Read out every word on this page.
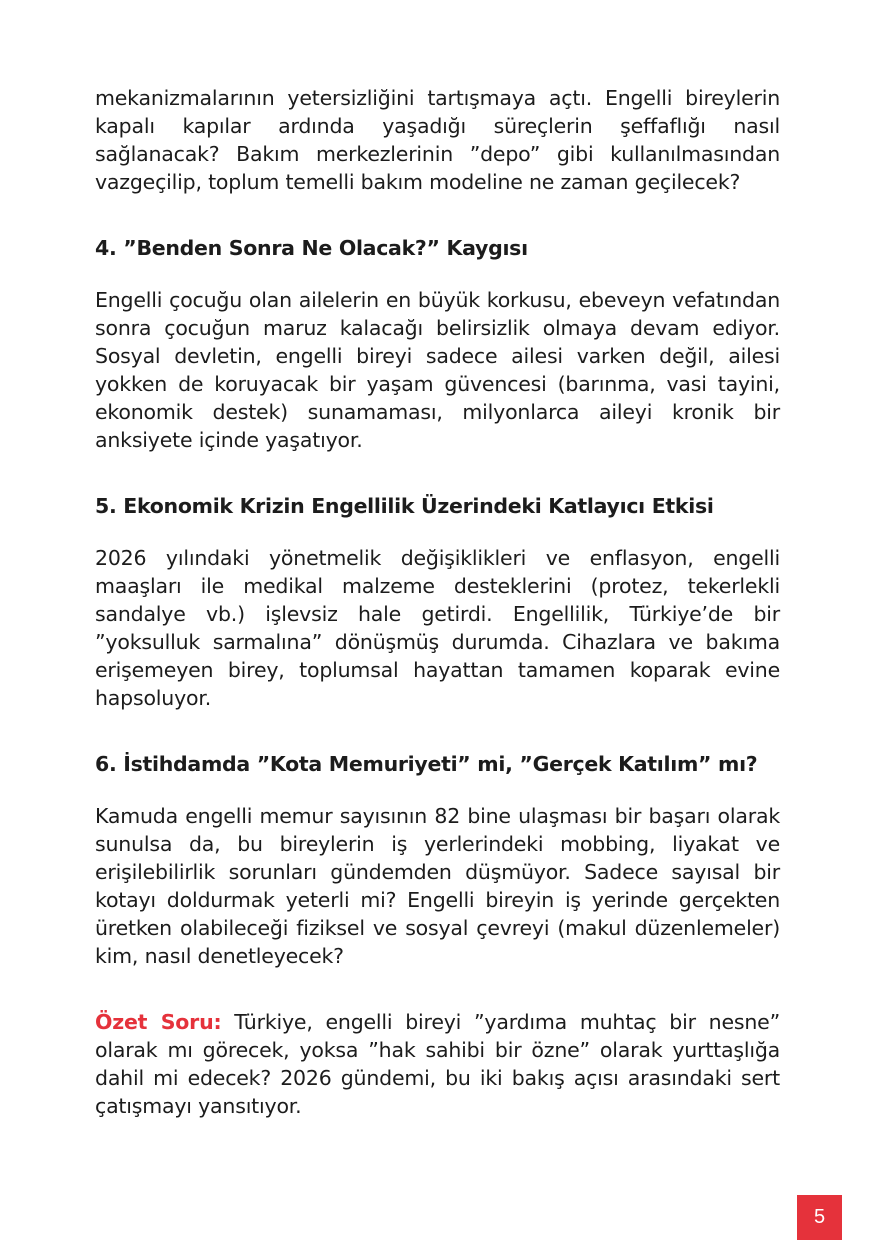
mekanizmalarının yetersizliğini tartışmaya açtı. Engelli bireylerin kapalı kapılar ardında yaşadığı süreçlerin şeffaflığı nasıl sağlanacak? Bakım merkezlerinin ”depo” gibi kullanılmasından vazgeçilip, toplum temelli bakım modeline ne zaman geçilecek?

4. ”Benden Sonra Ne Olacak?” Kaygısı

Engelli çocuğu olan ailelerin en büyük korkusu, ebeveyn vefatından sonra çocuğun maruz kalacağı belirsizlik olmaya devam ediyor. Sosyal devletin, engelli bireyi sadece ailesi varken değil, ailesi yokken de koruyacak bir yaşam güvencesi (barınma, vasi tayini, ekonomik destek) sunamaması, milyonlarca aileyi kronik bir anksiyete içinde yaşatıyor.

5. Ekonomik Krizin Engellilik Üzerindeki Katlayıcı Etkisi

2026 yılındaki yönetmelik değişiklikleri ve enflasyon, engelli maaşları ile medikal malzeme desteklerini (protez, tekerlekli sandalye vb.) işlevsiz hale getirdi. Engellilik, Türkiye’de bir ”yoksulluk sarmalına” dönüşmüş durumda. Cihazlara ve bakıma erişemeyen birey, toplumsal hayattan tamamen koparak evine hapsoluyor.

6. İstihdamda ”Kota Memuriyeti” mi, ”Gerçek Katılım” mı?

Kamuda engelli memur sayısının 82 bine ulaşması bir başarı olarak sunulsa da, bu bireylerin iş yerlerindeki mobbing, liyakat ve erişilebilirlik sorunları gündemden düşmüyor. Sadece sayısal bir kotayı doldurmak yeterli mi? Engelli bireyin iş yerinde gerçekten üretken olabileceği fiziksel ve sosyal çevreyi (makul düzenlemeler) kim, nasıl denetleyecek?

Özet Soru: Türkiye, engelli bireyi ”yardıma muhtaç bir nesne” olarak mı görecek, yoksa ”hak sahibi bir özne” olarak yurttaşlığa dahil mi edecek? 2026 gündemi, bu iki bakış açısı arasındaki sert çatışmayı yansıtıyor.

5
